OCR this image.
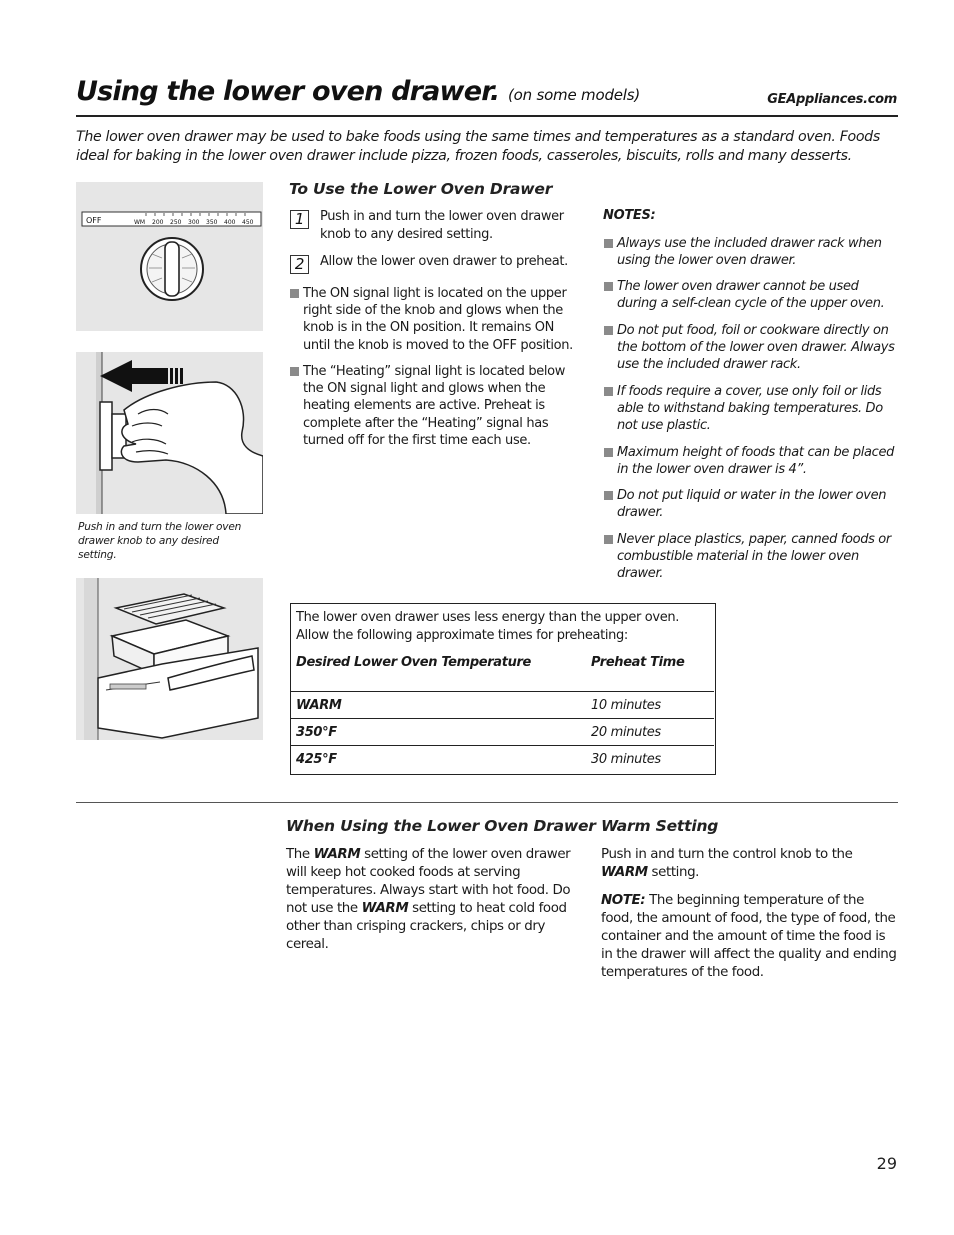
Using the lower oven drawer. (on some models)	GEAppliances.com
The lower oven drawer may be used to bake foods using the same times and temperatures as a standard oven. Foods ideal for baking in the lower oven drawer include pizza, frozen foods, casseroles, biscuits, rolls and many desserts.
OFF	WM 200 250 300 350 400 450
Push in and turn the lower oven drawer knob to any desired setting.
To Use the Lower Oven Drawer
1	Push in and turn the lower oven drawer knob to any desired setting.
2	Allow the lower oven drawer to preheat.
The ON signal light is located on the upper right side of the knob and glows when the knob is in the ON position. It remains ON until the knob is moved to the OFF position.
The “Heating” signal light is located below the ON signal light and glows when the heating elements are active. Preheat is complete after the “Heating” signal has turned off for the first time each use.
NOTES:
Always use the included drawer rack when using the lower oven drawer.
The lower oven drawer cannot be used during a self-clean cycle of the upper oven.
Do not put food, foil or cookware directly on the bottom of the lower oven drawer. Always use the included drawer rack.
If foods require a cover, use only foil or lids able to withstand baking temperatures. Do not use plastic.
Maximum height of foods that can be placed in the lower oven drawer is 4”.
Do not put liquid or water in the lower oven drawer.
Never place plastics, paper, canned foods or combustible material in the lower oven drawer.
The lower oven drawer uses less energy than the upper oven. Allow the following approximate times for preheating:
Desired Lower Oven Temperature	Preheat Time
WARM	10 minutes
350°F	20 minutes
425°F	30 minutes
When Using the Lower Oven Drawer Warm Setting
The WARM setting of the lower oven drawer will keep hot cooked foods at serving temperatures. Always start with hot food. Do not use the WARM setting to heat cold food other than crisping crackers, chips or dry cereal.
Push in and turn the control knob to the WARM setting.
NOTE: The beginning temperature of the food, the amount of food, the type of food, the container and the amount of time the food is in the drawer will affect the quality and ending temperatures of the food.
29
